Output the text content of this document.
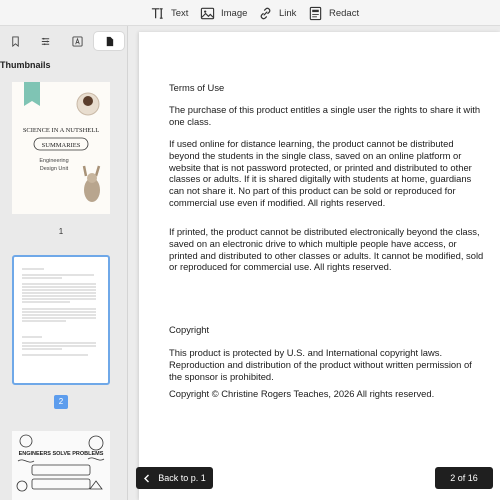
Text	Image	Link	Redact
Thumbnails
SCIENCE IN A NUTSHELL
SUMMARIES
Engineering
Design Unit
1
2
ENGINEERS SOLVE PROBLEMS
Terms of Use

The purchase of this product entitles a single user the rights to share it with one class.

If used online for distance learning, the product cannot be distributed beyond the students in the single class, saved on an online platform or website that is not password protected, or printed and distributed to other classes or adults. If it is shared digitally with students at home, guardians can not share it. No part of this product can be sold or reproduced for commercial use even if modified. All rights reserved.

If printed, the product cannot be distributed electronically beyond the class, saved on an electronic drive to which multiple people have access, or printed and distributed to other classes or adults. It cannot be modified, sold or reproduced for commercial use. All rights reserved.

Copyright

This product is protected by U.S. and International copyright laws. Reproduction and distribution of the product without written permission of the sponsor is prohibited.

Copyright © Christine Rogers Teaches, 2026 All rights reserved.

Back to p. 1	2 of 16
